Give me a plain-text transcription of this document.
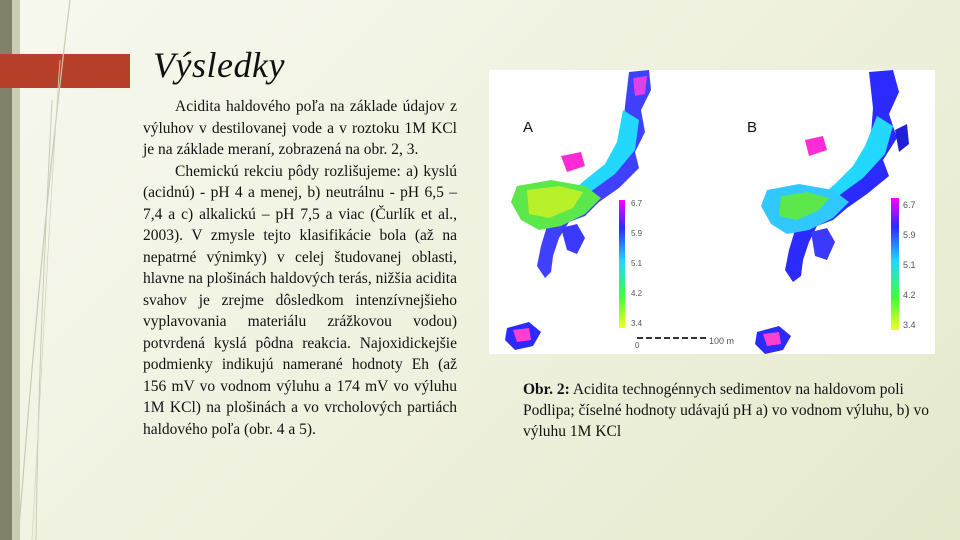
Výsledky

Acidita haldového poľa na základe údajov z výluhov v destilovanej vode a v roztoku 1M KCl je na základe meraní, zobrazená na obr. 2, 3.

Chemickú rekciu pôdy rozlišujeme: a) kyslú (acidnú) - pH 4 a menej, b) neutrálnu - pH 6,5 – 7,4 a c) alkalickú – pH 7,5 a viac (Čurlík et al., 2003). V zmysle tejto klasifikácie bola (až na nepatrné výnimky) v celej študovanej oblasti, hlavne na plošinách haldových terás, nižšia acidita svahov je zrejme dôsledkom intenzívnejšieho vyplavovania materiálu zrážkovou vodou) potvrdená kyslá pôdna reakcia. Najoxidickejšie podmienky indikujú namerané hodnoty Eh (až 156 mV vo vodnom výluhu a 174 mV vo výluhu 1M KCl) na plošinách a vo vrcholových partiách haldového poľa (obr. 4 a 5).

A
6.7
5.9
5.1
4.2
3.4
0	100 m
B
6.7
5.9
5.1
4.2
3.4
Obr. 2: Acidita technogénnych sedimentov na haldovom poli Podlipa; číselné hodnoty udávajú pH a) vo vodnom výluhu, b) vo výluhu 1M KCl
